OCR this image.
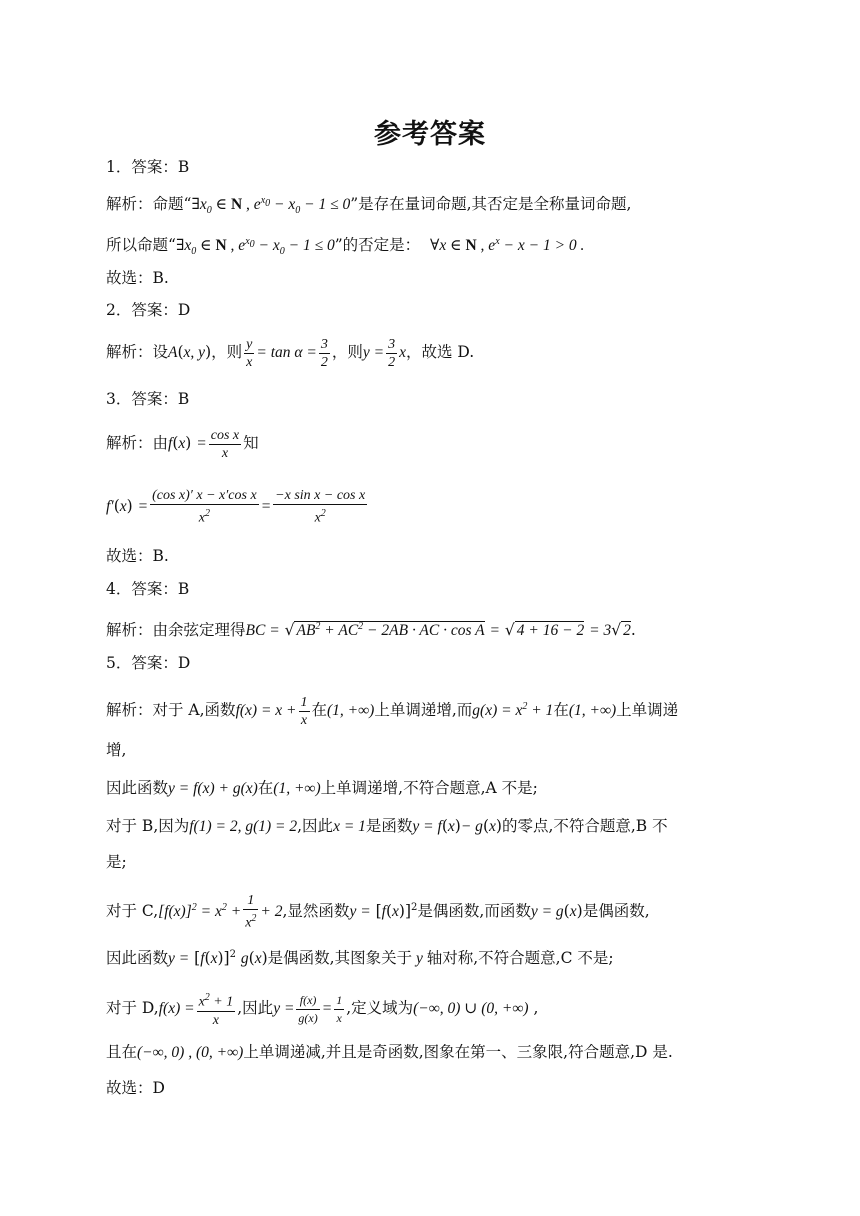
参考答案
1．答案：B
解析：命题“$\exists x_0$ ∈ N , $e^{x_0} - x_0 - 1 \le 0$”是存在量词命题,其否定是全称量词命题,
所以命题“$\exists x_0$ ∈ N , $e^{x_0} - x_0 - 1 \le 0$”的否定是： ∀x ∈ N , $e^x - x - 1 > 0$ .
故选：B.
2．答案：D
解析：设A(x, y)，则 $\frac{y}{x} = \tan \alpha = \frac{3}{2}$ ，则$y = \frac{3}{2}$ x，故选 D.
3．答案：B
解析：由$f(x) = \frac{\text{cos x}}{x}$ 知
$f'(x) = \frac{\text{(cos x)′ x − x′cos x}}{x^2} = \frac{\text{−x sin x − cos x}}{x^2}$
故选：B.
4．答案：B
解析：由余弦定理得BC = √ $AB^2 + AC^2 - 2AB$ · AC · cos A = √ 4 + 16 − 2 = 3√ 2.
5．答案：D
解析：对于 A,函数$f(x) = x + \frac{1}{x}$ 在(1, +∞)上单调递增,而$g(x) = x^2 + 1$在(1, +∞)上单调递
增,
因此函数y = f(x) + g(x)在(1, +∞)上单调递增,不符合题意,A 不是;
对于 B,因为f(1) = 2, g(1) = 2,因此x = 1是函数y = f(x)− g(x)的零点,不符合题意,B 不
是;
对于 $C,[f(x)]^2 = x^2 + \frac{1}{x^2} + 2$,显然函数$y = [f(x)]^2$是偶函数,而函数y = g(x)是偶函数,
因此函数$y = [f(x)]^2$ g(x)是偶函数,其图象关于 y 轴对称,不符合题意,C 不是;
对于 $D,f(x) = \frac{x^2 + 1}{x}$ ,因此$y = \frac{f(x)}{g(x)} = \frac{1}{x}$ ,定义域为(−∞, 0) ∪ (0, +∞) ,
且在(−∞, 0) , (0, +∞)上单调递减,并且是奇函数,图象在第一、三象限,符合题意,D 是.
故选：D
